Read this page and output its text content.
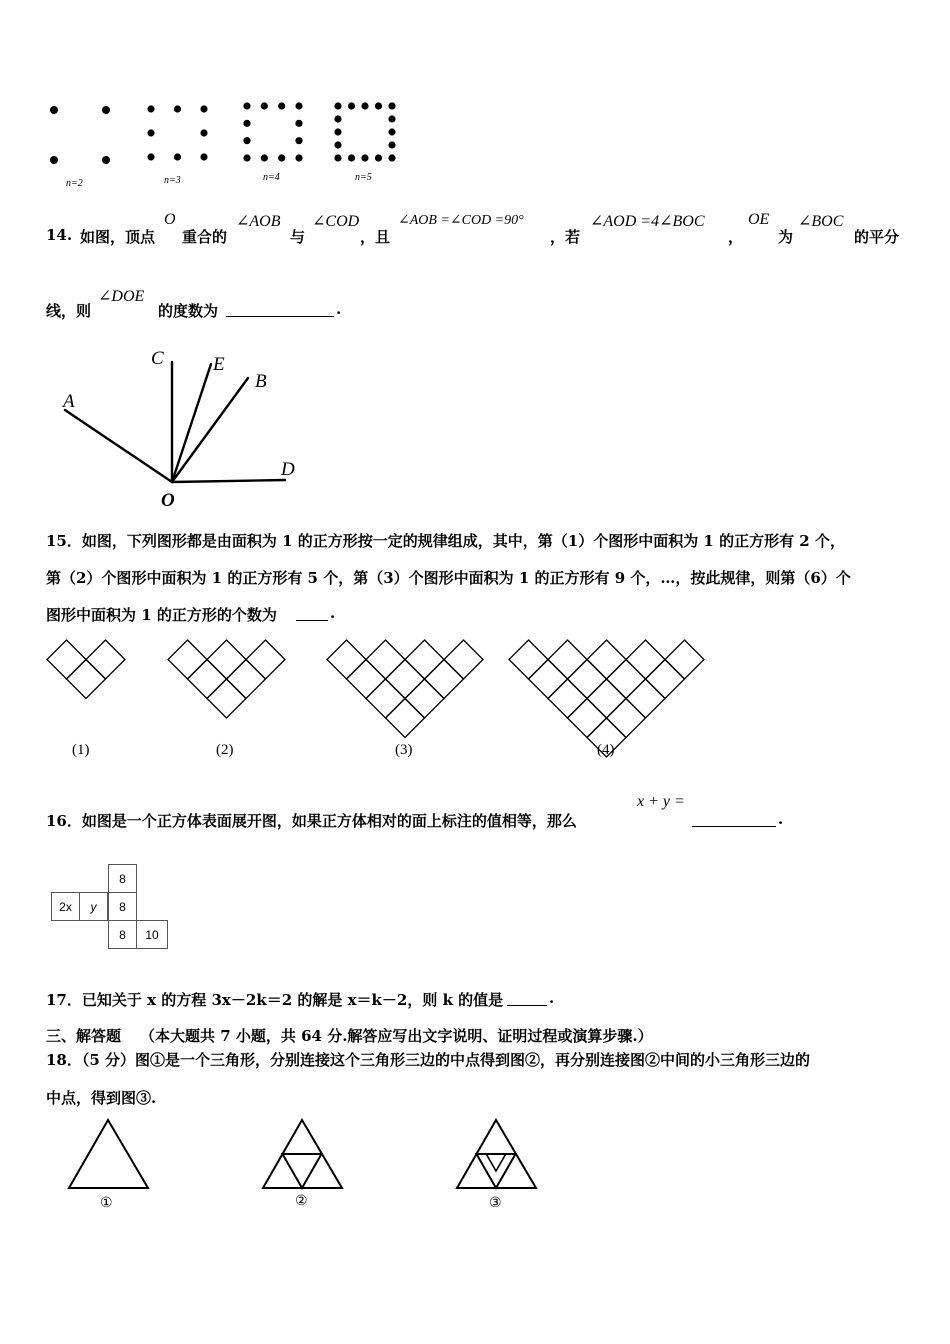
n=2	n=3	n=4	n=5
14. 如图，顶点
O
重合的
∠AOB
与
∠COD
，且
∠AOB =∠COD =90°
，若
∠AOD =4∠BOC
，
OE
为
∠BOC
的平分
线，则
∠DOE
的度数为	.
A
C	E
B
D
O
15．如图，下列图形都是由面积为 1 的正方形按一定的规律组成，其中，第（1）个图形中面积为 1 的正方形有 2 个，
第（2）个图形中面积为 1 的正方形有 5 个，第（3）个图形中面积为 1 的正方形有 9 个，…，按此规律，则第（6）个
图形中面积为 1 的正方形的个数为	.
(1)	(2)	(3)	(4)
16．如图是一个正方体表面展开图，如果正方体相对的面上标注的值相等，那么
x + y =
.
8
2x	y	8
8	10
17．已知关于 x 的方程 3x－2k＝2 的解是 x＝k－2，则 k 的值是	.
三、解答题 （本大题共 7 小题，共 64 分.解答应写出文字说明、证明过程或演算步骤.）
18．（5 分）图①是一个三角形，分别连接这个三角形三边的中点得到图②，再分别连接图②中间的小三角形三边的
中点，得到图③.
①	②	③
